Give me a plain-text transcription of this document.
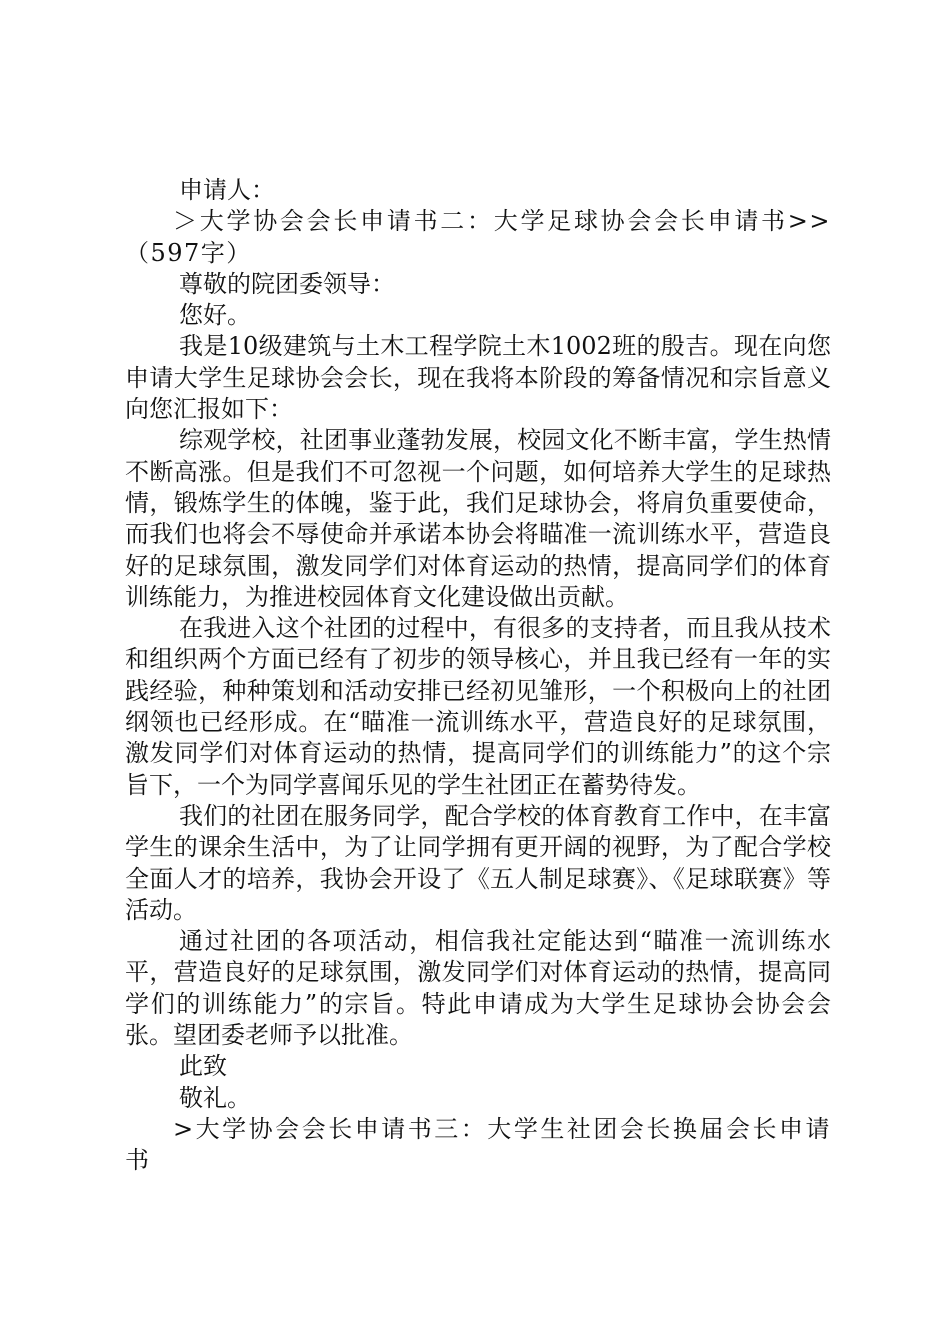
申请人：

＞大学协会会长申请书二：大学足球协会会长申请书>>（597字）

尊敬的院团委领导：

您好。

我是10级建筑与土木工程学院土木1002班的殷吉。现在向您申请大学生足球协会会长，现在我将本阶段的筹备情况和宗旨意义向您汇报如下：

综观学校，社团事业蓬勃发展，校园文化不断丰富，学生热情不断高涨。但是我们不可忽视一个问题，如何培养大学生的足球热情，锻炼学生的体魄，鉴于此，我们足球协会，将肩负重要使命，而我们也将会不辱使命并承诺本协会将瞄准一流训练水平，营造良好的足球氛围，激发同学们对体育运动的热情，提高同学们的体育训练能力，为推进校园体育文化建设做出贡献。

在我进入这个社团的过程中，有很多的支持者，而且我从技术和组织两个方面已经有了初步的领导核心，并且我已经有一年的实践经验，种种策划和活动安排已经初见雏形，一个积极向上的社团纲领也已经形成。在“瞄准一流训练水平，营造良好的足球氛围，激发同学们对体育运动的热情，提高同学们的训练能力”的这个宗旨下，一个为同学喜闻乐见的学生社团正在蓄势待发。

我们的社团在服务同学，配合学校的体育教育工作中，在丰富学生的课余生活中，为了让同学拥有更开阔的视野，为了配合学校全面人才的培养，我协会开设了《五人制足球赛》、《足球联赛》等活动。

通过社团的各项活动，相信我社定能达到“瞄准一流训练水平，营造良好的足球氛围，激发同学们对体育运动的热情，提高同学们的训练能力”的宗旨。特此申请成为大学生足球协会协会会张。望团委老师予以批准。

此致

敬礼。

>大学协会会长申请书三：大学生社团会长换届会长申请书
